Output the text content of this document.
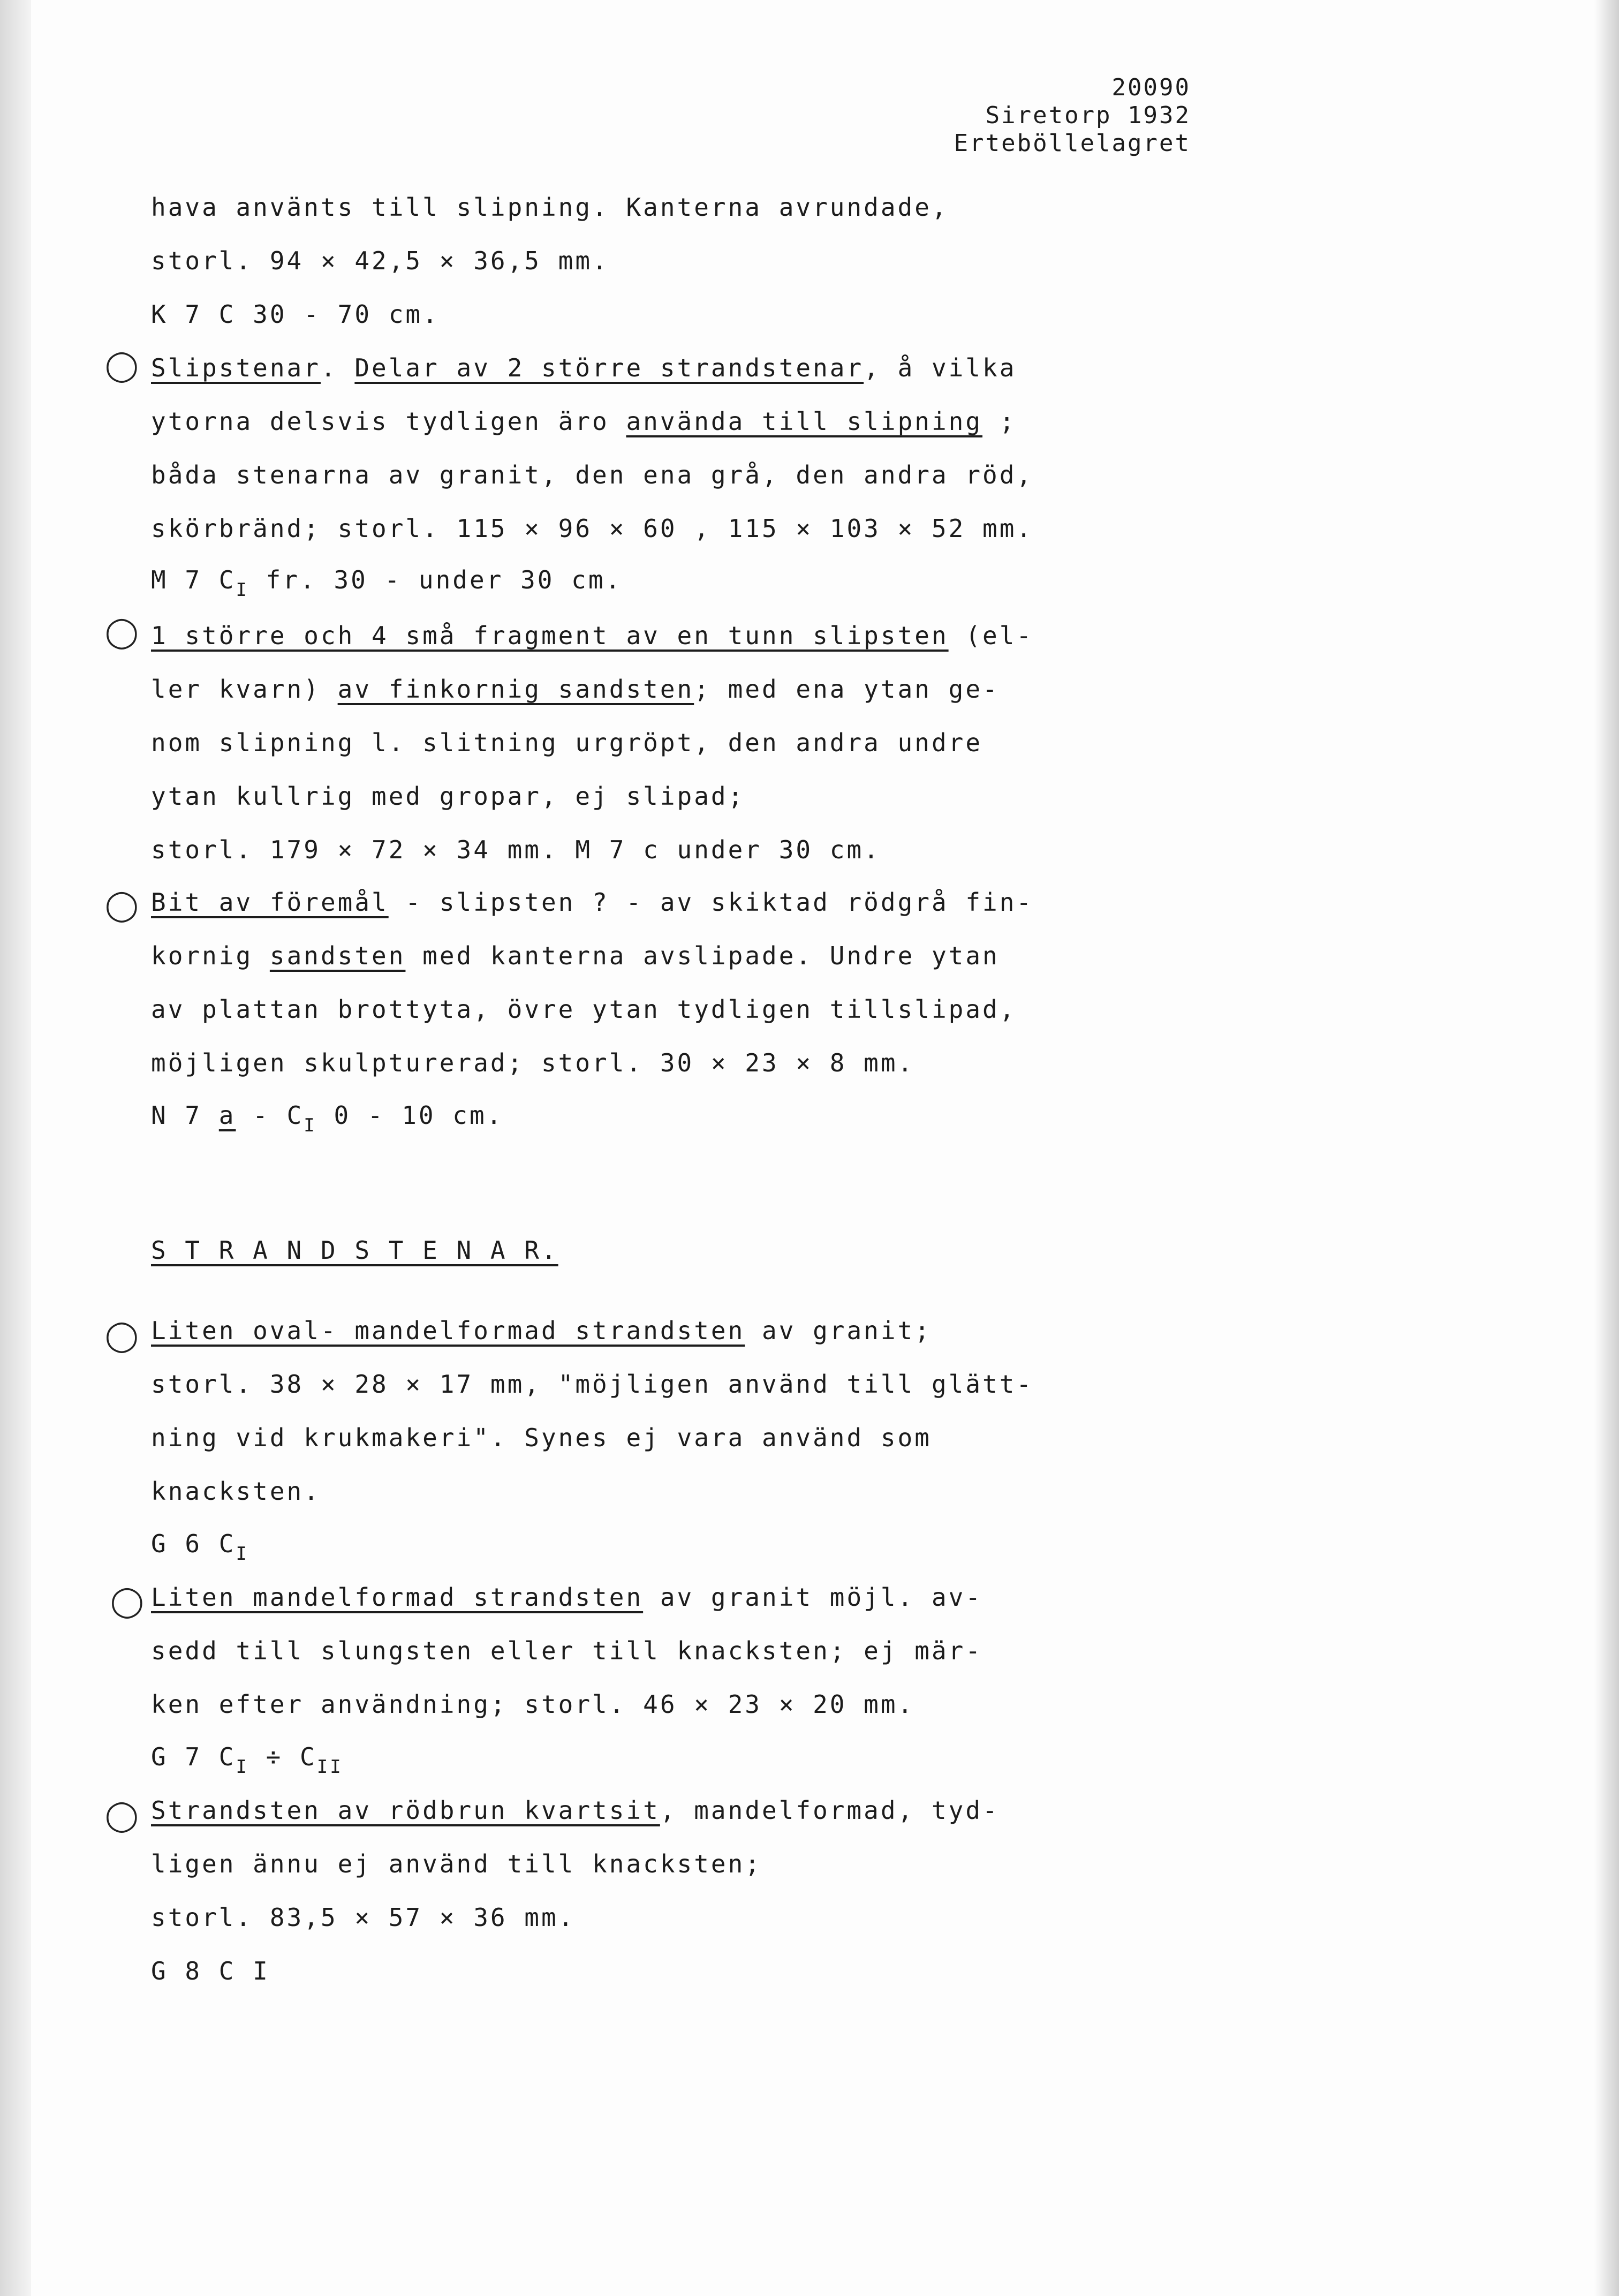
20090
Siretorp 1932
Erteböllelagret
◯
◯
◯
◯
◯
◯
hava använts till slipning. Kanterna avrundade,
storl. 94 × 42,5 × 36,5 mm.
K 7 C 30 - 70 cm.
Slipstenar. Delar av 2 större strandstenar, å vilka
ytorna delsvis tydligen äro använda till slipning ;
båda stenarna av granit, den ena grå, den andra röd,
skörbränd; storl. 115 × 96 × 60 , 115 × 103 × 52 mm.
M 7 $C_I$ fr. 30 - under 30 cm.
1 större och 4 små fragment av en tunn slipsten (el-
ler kvarn) av finkornig sandsten; med ena ytan ge-
nom slipning l. slitning urgröpt, den andra undre
ytan kullrig med gropar, ej slipad;
storl. 179 × 72 × 34 mm. M 7 c under 30 cm.
Bit av föremål - slipsten ? - av skiktad rödgrå fin-
kornig sandsten med kanterna avslipade. Undre ytan
av plattan brottyta, övre ytan tydligen tillslipad,
möjligen skulpturerad; storl. 30 × 23 × 8 mm.
N 7 a - $C_I$ 0 - 10 cm.
S T R A N D S T E N A R.
Liten oval- mandelformad strandsten av granit;
storl. 38 × 28 × 17 mm, "möjligen använd till glätt-
ning vid krukmakeri". Synes ej vara använd som
knacksten.
G 6 $C_I$
Liten mandelformad strandsten av granit möjl. av-
sedd till slungsten eller till knacksten; ej mär-
ken efter användning; storl. 46 × 23 × 20 mm.
G 7 $C_I \div C_{II}$
Strandsten av rödbrun kvartsit, mandelformad, tyd-
ligen ännu ej använd till knacksten;
storl. 83,5 × 57 × 36 mm.
G 8 C I
